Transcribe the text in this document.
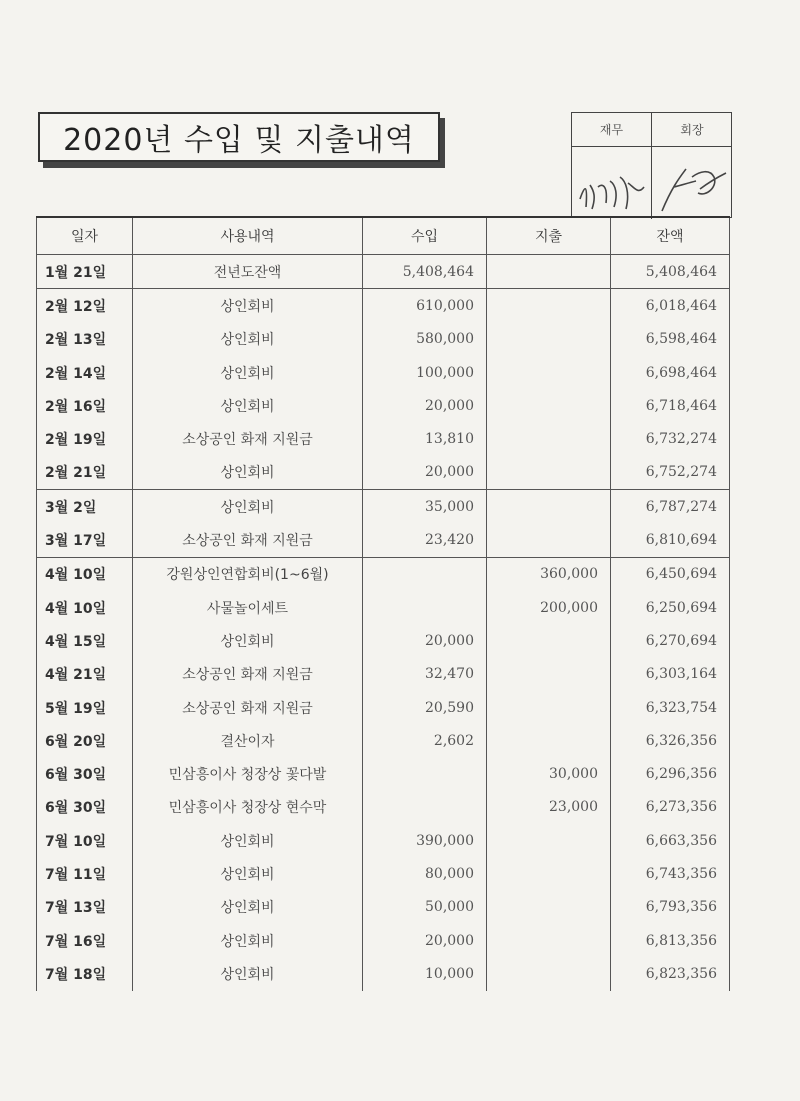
2020년 수입 및 지출내역	재무	회장
일자	사용내역	수입	지출	잔액
1월 21일	전년도잔액	5,408,464		5,408,464
2월 12일	상인회비	610,000		6,018,464
2월 13일	상인회비	580,000		6,598,464
2월 14일	상인회비	100,000		6,698,464
2월 16일	상인회비	20,000		6,718,464
2월 19일	소상공인 화재 지원금	13,810		6,732,274
2월 21일	상인회비	20,000		6,752,274
3월 2일	상인회비	35,000		6,787,274
3월 17일	소상공인 화재 지원금	23,420		6,810,694
4월 10일	강원상인연합회비(1~6월)		360,000	6,450,694
4월 10일	사물놀이세트		200,000	6,250,694
4월 15일	상인회비	20,000		6,270,694
4월 21일	소상공인 화재 지원금	32,470		6,303,164
5월 19일	소상공인 화재 지원금	20,590		6,323,754
6월 20일	결산이자	2,602		6,326,356
6월 30일	민삼흥이사 청장상 꽃다발		30,000	6,296,356
6월 30일	민삼흥이사 청장상 현수막		23,000	6,273,356
7월 10일	상인회비	390,000		6,663,356
7월 11일	상인회비	80,000		6,743,356
7월 13일	상인회비	50,000		6,793,356
7월 16일	상인회비	20,000		6,813,356
7월 18일	상인회비	10,000		6,823,356
